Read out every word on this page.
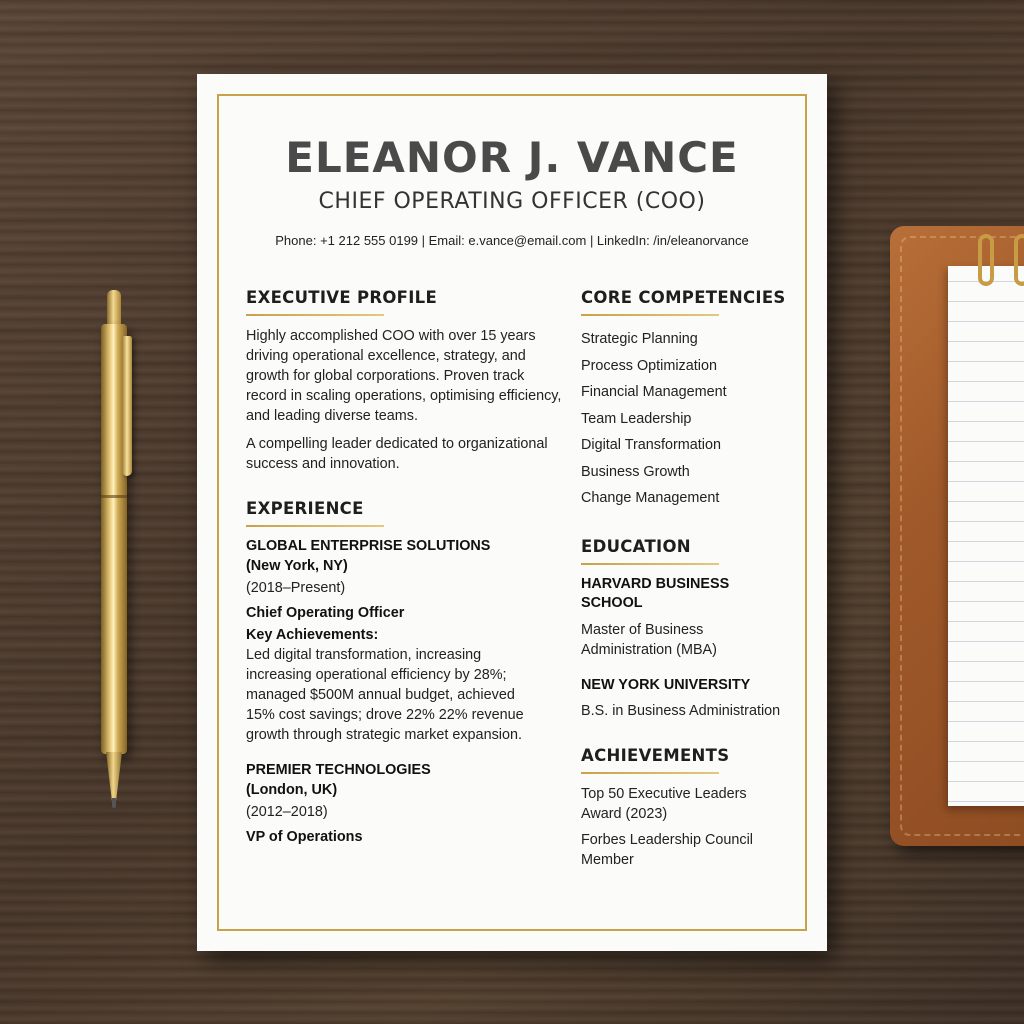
ELEANOR J. VANCE
CHIEF OPERATING OFFICER (COO)
Phone: +1 212 555 0199 | Email: e.vance@email.com | LinkedIn: /in/eleanorvance
EXECUTIVE PROFILE

Highly accomplished COO with over 15 years driving operational excellence, strategy, and growth for global corporations. Proven track record in scaling operations, optimising efficiency, and leading diverse teams.

A compelling leader dedicated to organizational success and innovation.

EXPERIENCE
GLOBAL ENTERPRISE SOLUTIONS (New York, NY)
(2018–Present)
Chief Operating Officer
Key Achievements:
Led digital transformation, increasing increasing operational efficiency by 28%; managed $500M annual budget, achieved 15% cost savings; drove 22% 22% revenue growth through strategic market expansion.
PREMIER TECHNOLOGIES (London, UK)
(2012–2018)
VP of Operations
CORE COMPETENCIES
Strategic Planning
Process Optimization
Financial Management
Team Leadership
Digital Transformation
Business Growth
Change Management
EDUCATION
HARVARD BUSINESS SCHOOL
Master of Business Administration (MBA)
NEW YORK UNIVERSITY
B.S. in Business Administration
ACHIEVEMENTS
Top 50 Executive Leaders Award (2023)
Forbes Leadership Council Member
